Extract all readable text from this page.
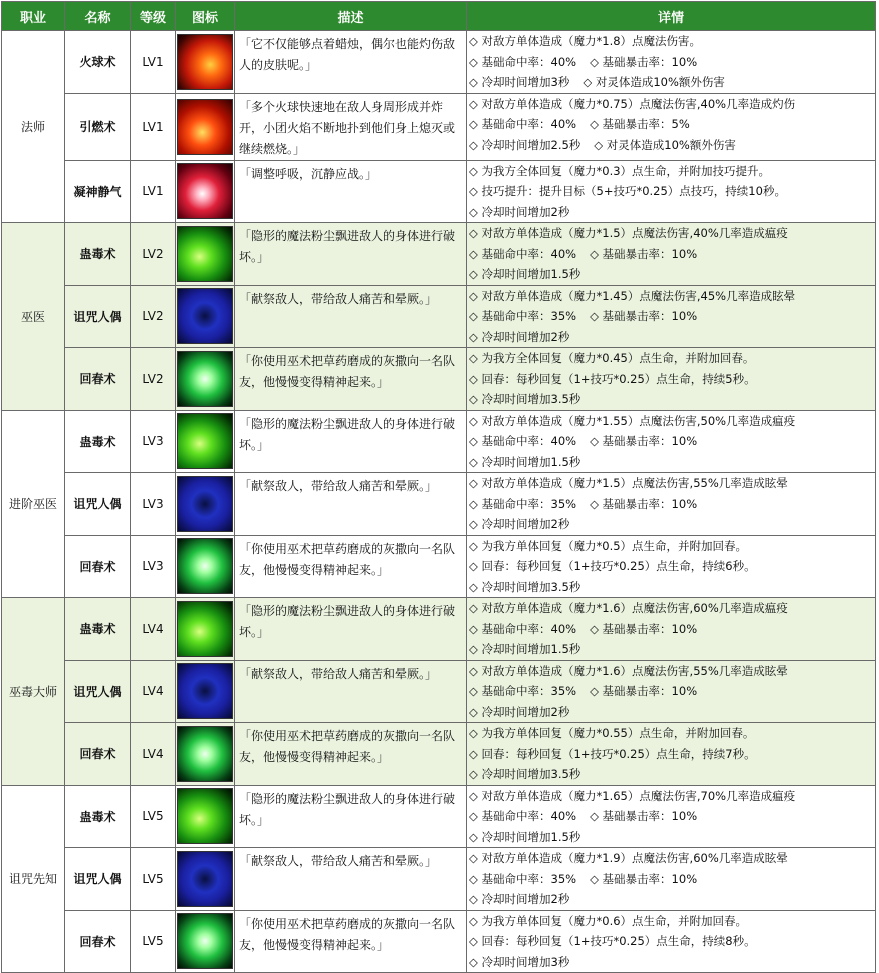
职业	名称	等级	图标	描述	详情
法师	火球术	LV1		「它不仅能够点着蜡烛，偶尔也能灼伤敌人的皮肤呢。」	◇ 对敌方单体造成（魔力*1.8）点魔法伤害。
◇ 基础命中率：40% ◇ 基础暴击率：10%
◇ 冷却时间增加3秒 ◇ 对灵体造成10%额外伤害

	引燃术	LV1		「多个火球快速地在敌人身周形成并炸开，小团火焰不断地扑到他们身上熄灭或继续燃烧。」	◇ 对敌方单体造成（魔力*0.75）点魔法伤害,40%几率造成灼伤
◇ 基础命中率：40% ◇ 基础暴击率：5%
◇ 冷却时间增加2.5秒 ◇ 对灵体造成10%额外伤害

	凝神静气	LV1		「调整呼吸，沉静应战。」	◇ 为我方全体回复（魔力*0.3）点生命，并附加技巧提升。
◇ 技巧提升：提升目标（5+技巧*0.25）点技巧，持续10秒。
◇ 冷却时间增加2秒

巫医	蛊毒术	LV2		「隐形的魔法粉尘飘进敌人的身体进行破坏。」	◇ 对敌方单体造成（魔力*1.5）点魔法伤害,40%几率造成瘟疫
◇ 基础命中率：40% ◇ 基础暴击率：10%
◇ 冷却时间增加1.5秒

	诅咒人偶	LV2		「献祭敌人，带给敌人痛苦和晕厥。」	◇ 对敌方单体造成（魔力*1.45）点魔法伤害,45%几率造成眩晕
◇ 基础命中率：35% ◇ 基础暴击率：10%
◇ 冷却时间增加2秒

	回春术	LV2		「你使用巫术把草药磨成的灰撒向一名队友，他慢慢变得精神起来。」	◇ 为我方全体回复（魔力*0.45）点生命，并附加回春。
◇ 回春：每秒回复（1+技巧*0.25）点生命，持续5秒。
◇ 冷却时间增加3.5秒

进阶巫医	蛊毒术	LV3		「隐形的魔法粉尘飘进敌人的身体进行破坏。」	◇ 对敌方单体造成（魔力*1.55）点魔法伤害,50%几率造成瘟疫
◇ 基础命中率：40% ◇ 基础暴击率：10%
◇ 冷却时间增加1.5秒

	诅咒人偶	LV3		「献祭敌人，带给敌人痛苦和晕厥。」	◇ 对敌方单体造成（魔力*1.5）点魔法伤害,55%几率造成眩晕
◇ 基础命中率：35% ◇ 基础暴击率：10%
◇ 冷却时间增加2秒

	回春术	LV3		「你使用巫术把草药磨成的灰撒向一名队友，他慢慢变得精神起来。」	◇ 为我方单体回复（魔力*0.5）点生命，并附加回春。
◇ 回春：每秒回复（1+技巧*0.25）点生命，持续6秒。
◇ 冷却时间增加3.5秒

巫毒大师	蛊毒术	LV4		「隐形的魔法粉尘飘进敌人的身体进行破坏。」	◇ 对敌方单体造成（魔力*1.6）点魔法伤害,60%几率造成瘟疫
◇ 基础命中率：40% ◇ 基础暴击率：10%
◇ 冷却时间增加1.5秒

	诅咒人偶	LV4		「献祭敌人，带给敌人痛苦和晕厥。」	◇ 对敌方单体造成（魔力*1.6）点魔法伤害,55%几率造成眩晕
◇ 基础命中率：35% ◇ 基础暴击率：10%
◇ 冷却时间增加2秒

	回春术	LV4		「你使用巫术把草药磨成的灰撒向一名队友，他慢慢变得精神起来。」	◇ 为我方单体回复（魔力*0.55）点生命，并附加回春。
◇ 回春：每秒回复（1+技巧*0.25）点生命，持续7秒。
◇ 冷却时间增加3.5秒

诅咒先知	蛊毒术	LV5		「隐形的魔法粉尘飘进敌人的身体进行破坏。」	◇ 对敌方单体造成（魔力*1.65）点魔法伤害,70%几率造成瘟疫
◇ 基础命中率：40% ◇ 基础暴击率：10%
◇ 冷却时间增加1.5秒

	诅咒人偶	LV5		「献祭敌人，带给敌人痛苦和晕厥。」	◇ 对敌方单体造成（魔力*1.9）点魔法伤害,60%几率造成眩晕
◇ 基础命中率：35% ◇ 基础暴击率：10%
◇ 冷却时间增加2秒

	回春术	LV5		「你使用巫术把草药磨成的灰撒向一名队友，他慢慢变得精神起来。」	◇ 为我方单体回复（魔力*0.6）点生命，并附加回春。
◇ 回春：每秒回复（1+技巧*0.25）点生命，持续8秒。
◇ 冷却时间增加3秒
